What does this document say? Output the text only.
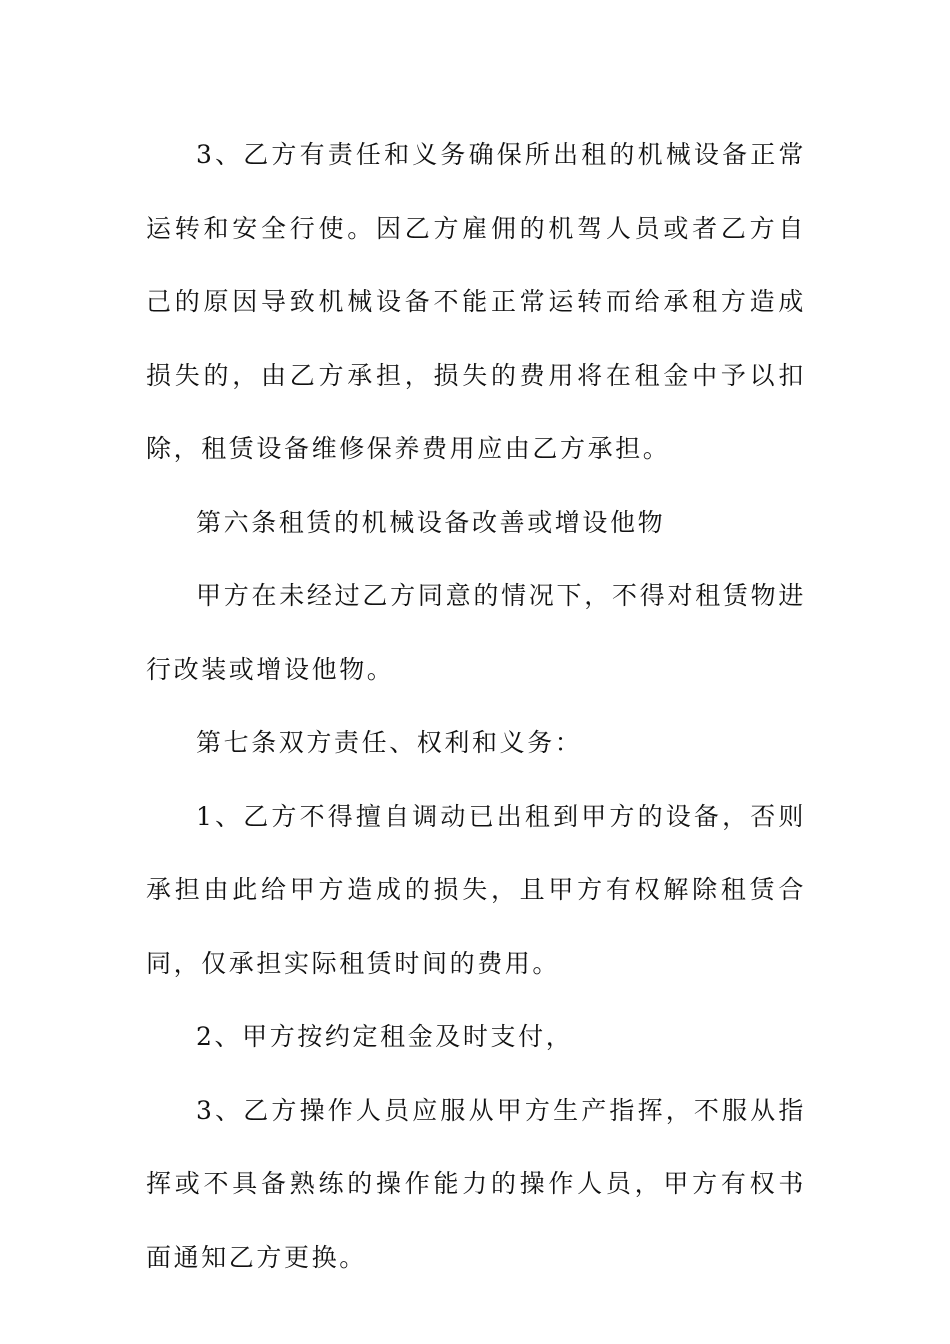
3、乙方有责任和义务确保所出租的机械设备正常运转和安全行使。因乙方雇佣的机驾人员或者乙方自己的原因导致机械设备不能正常运转而给承租方造成损失的，由乙方承担，损失的费用将在租金中予以扣除，租赁设备维修保养费用应由乙方承担。

第六条租赁的机械设备改善或增设他物

甲方在未经过乙方同意的情况下，不得对租赁物进行改装或增设他物。

第七条双方责任、权利和义务：

1、乙方不得擅自调动已出租到甲方的设备，否则承担由此给甲方造成的损失，且甲方有权解除租赁合同，仅承担实际租赁时间的费用。

2、甲方按约定租金及时支付，

3、乙方操作人员应服从甲方生产指挥，不服从指挥或不具备熟练的操作能力的操作人员，甲方有权书面通知乙方更换。
